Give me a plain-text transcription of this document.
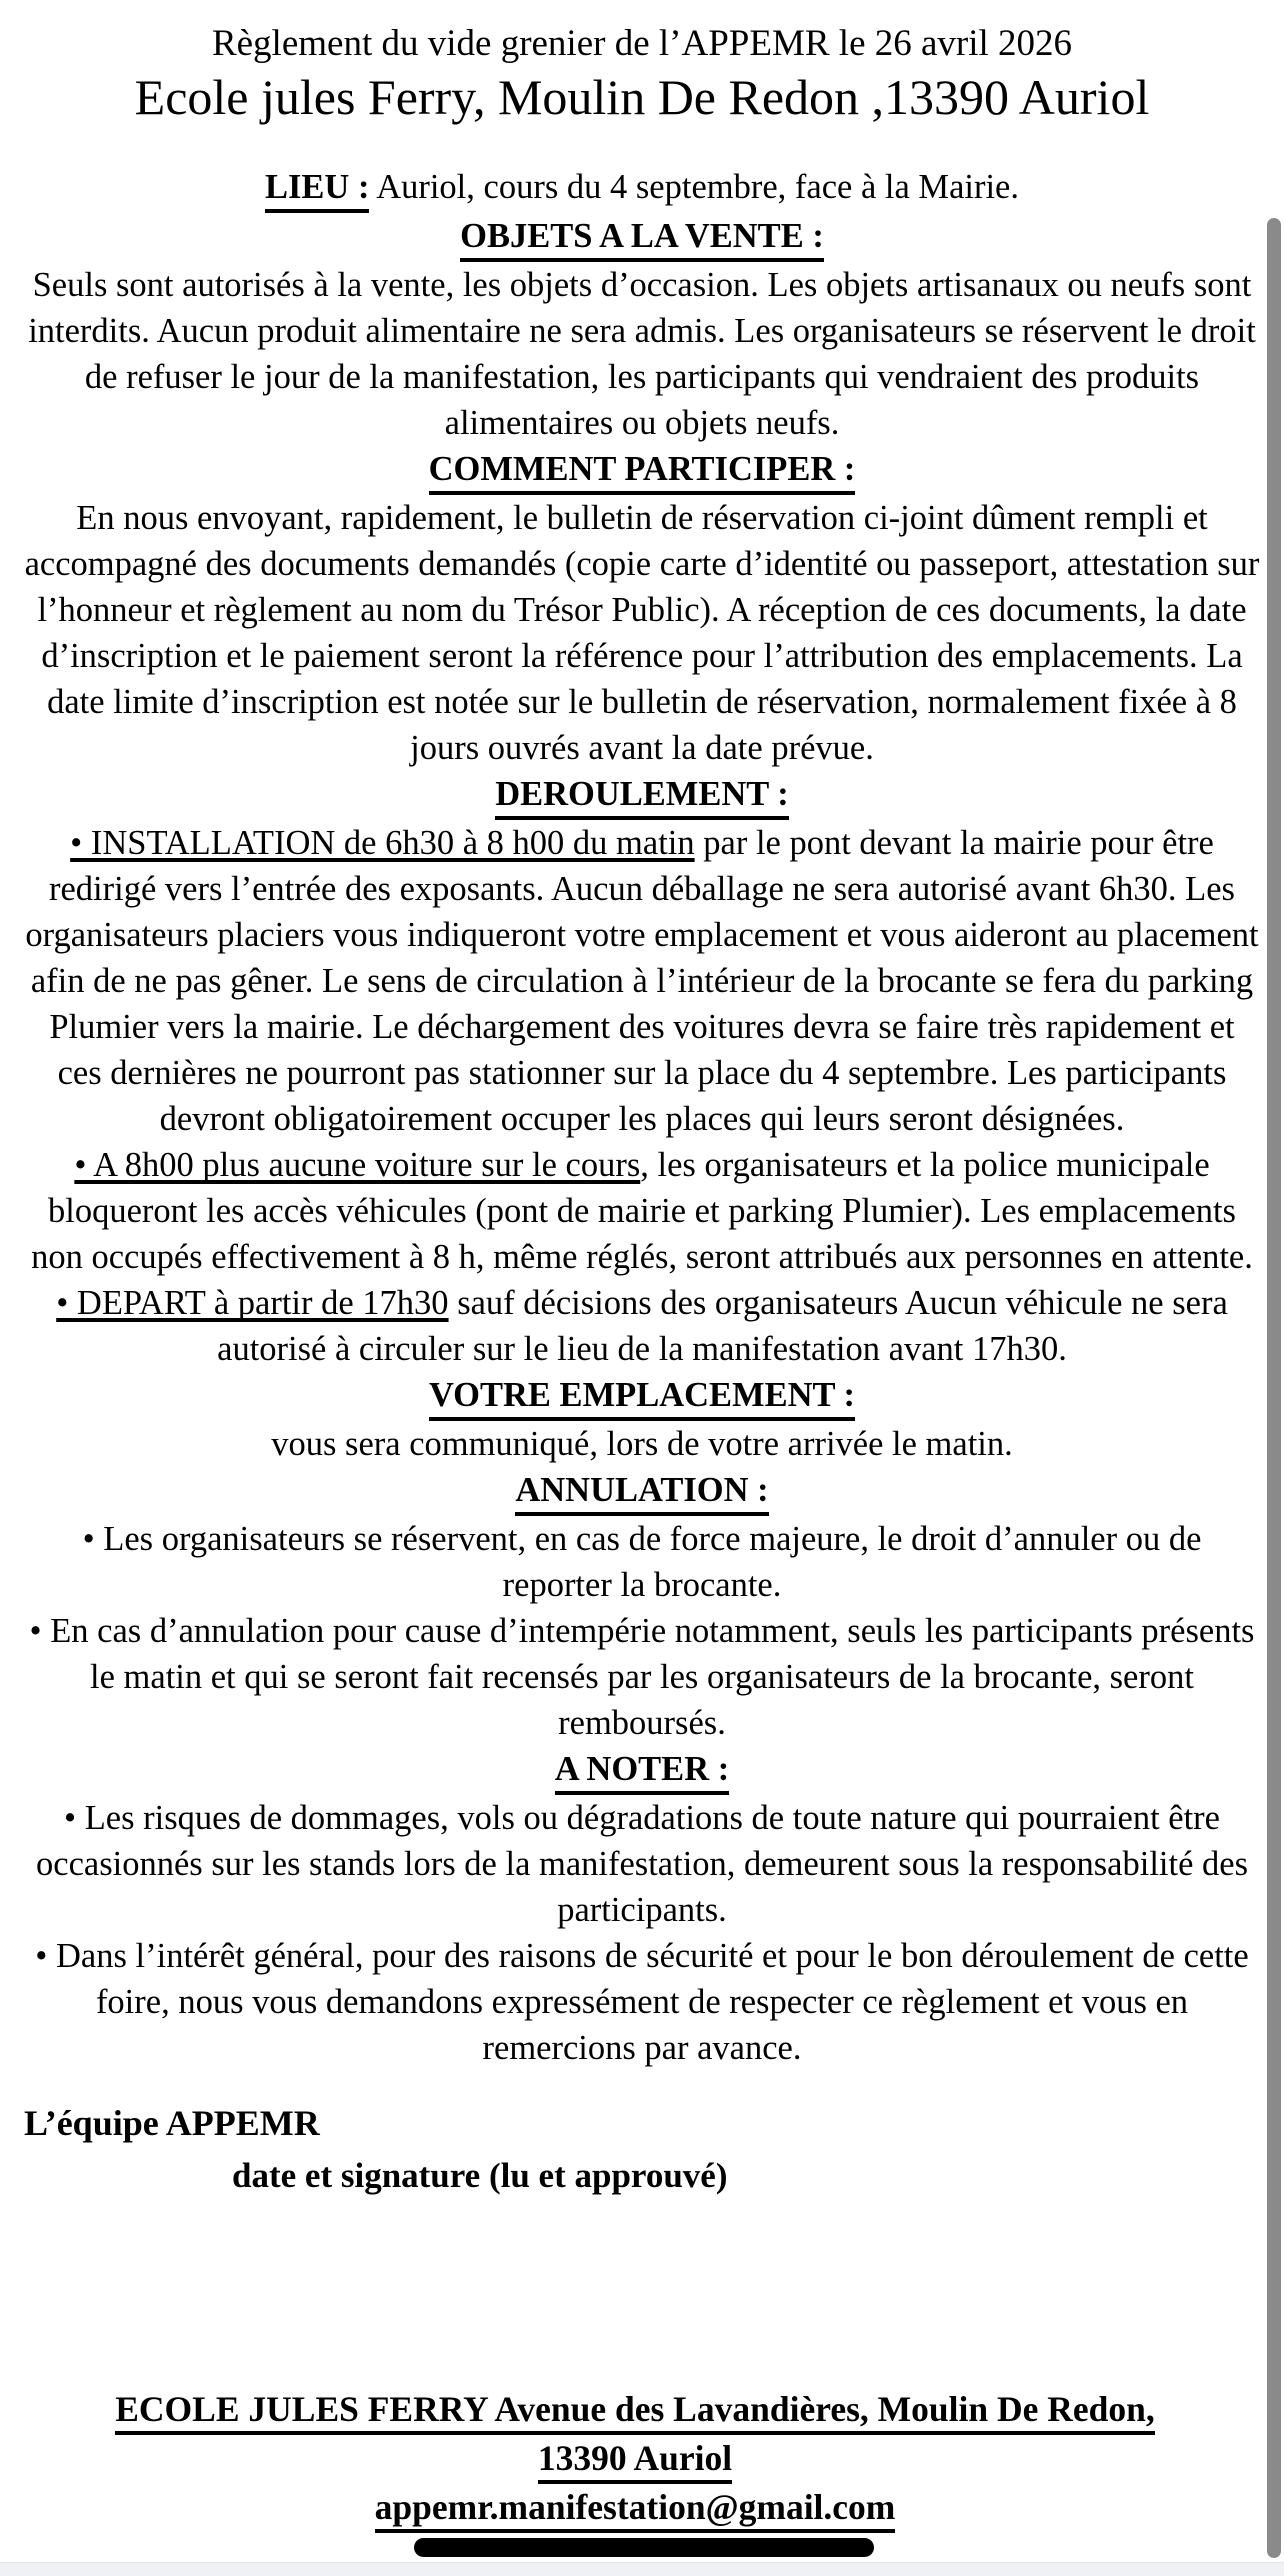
Règlement du vide grenier de l’APPEMR le 26 avril 2026
Ecole jules Ferry, Moulin De Redon ,13390 Auriol
LIEU : Auriol, cours du 4 septembre, face à la Mairie.
OBJETS A LA VENTE :
Seuls sont autorisés à la vente, les objets d’occasion. Les objets artisanaux ou neufs sont interdits. Aucun produit alimentaire ne sera admis. Les organisateurs se réservent le droit de refuser le jour de la manifestation, les participants qui vendraient des produits alimentaires ou objets neufs.
COMMENT PARTICIPER :
En nous envoyant, rapidement, le bulletin de réservation ci-joint dûment rempli et accompagné des documents demandés (copie carte d’identité ou passeport, attestation sur l’honneur et règlement au nom du Trésor Public). A réception de ces documents, la date d’inscription et le paiement seront la référence pour l’attribution des emplacements. La date limite d’inscription est notée sur le bulletin de réservation, normalement fixée à 8 jours ouvrés avant la date prévue.
DEROULEMENT :
• INSTALLATION de 6h30 à 8 h00 du matin par le pont devant la mairie pour être redirigé vers l’entrée des exposants. Aucun déballage ne sera autorisé avant 6h30. Les organisateurs placiers vous indiqueront votre emplacement et vous aideront au placement afin de ne pas gêner. Le sens de circulation à l’intérieur de la brocante se fera du parking Plumier vers la mairie. Le déchargement des voitures devra se faire très rapidement et ces dernières ne pourront pas stationner sur la place du 4 septembre. Les participants devront obligatoirement occuper les places qui leurs seront désignées.
• A 8h00 plus aucune voiture sur le cours, les organisateurs et la police municipale bloqueront les accès véhicules (pont de mairie et parking Plumier). Les emplacements non occupés effectivement à 8 h, même réglés, seront attribués aux personnes en attente.
• DEPART à partir de 17h30 sauf décisions des organisateurs Aucun véhicule ne sera autorisé à circuler sur le lieu de la manifestation avant 17h30.
VOTRE EMPLACEMENT :
vous sera communiqué, lors de votre arrivée le matin.
ANNULATION :
• Les organisateurs se réservent, en cas de force majeure, le droit d’annuler ou de reporter la brocante.
• En cas d’annulation pour cause d’intempérie notamment, seuls les participants présents le matin et qui se seront fait recensés par les organisateurs de la brocante, seront remboursés.
A NOTER :
• Les risques de dommages, vols ou dégradations de toute nature qui pourraient être occasionnés sur les stands lors de la manifestation, demeurent sous la responsabilité des participants.
• Dans l’intérêt général, pour des raisons de sécurité et pour le bon déroulement de cette foire, nous vous demandons expressément de respecter ce règlement et vous en remercions par avance.
L’équipe APPEMR
date et signature (lu et approuvé)
ECOLE JULES FERRY Avenue des Lavandières, Moulin De Redon,
13390 Auriol
appemr.manifestation@gmail.com
